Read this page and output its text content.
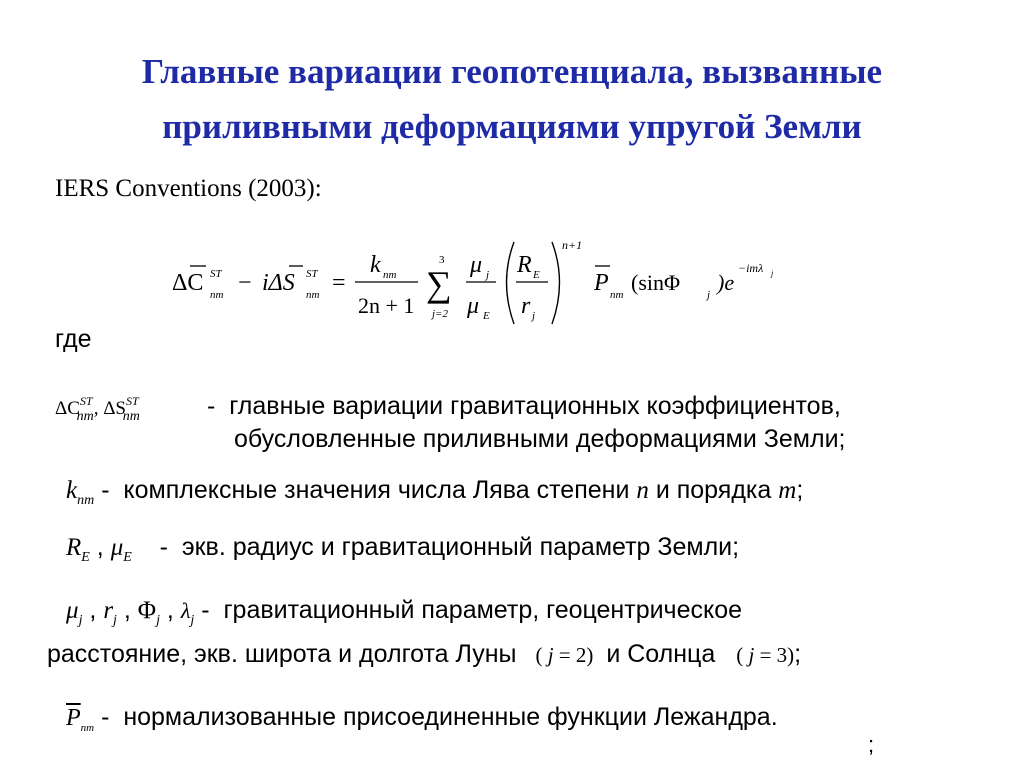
Главные вариации геопотенциала, вызванные
приливными деформациями упругой Земли
IERS Conventions (2003):
ΔC ST
nm − iΔS ST
nm =
k nm
2n + 1
3
∑
j=2
μ j
μ E
R E
r j
n+1
P nm (sinΦ j )e
−imλ j
где
$\Delta CST_{nm}$, $\Delta S^{ST}_{nm}$	- главные вариации гравитационных коэффициентов,
обусловленные приливными деформациями Земли;
$k_{nm}$ - комплексные значения числа Лява степени n и порядка m;
$R_E$ , $\mu_E$ - экв. радиус и гравитационный параметр Земли;
$\mu_j$ , $r_j$ , $\Phi_j$ , $\lambda_j$ - гравитационный параметр, геоцентрическое
расстояние, экв. широта и долгота Луны ( j = 2) и Солнца ( j = 3);
$\overline{P}_{nm}$ - нормализованные присоединенные функции Лежандра.
;
